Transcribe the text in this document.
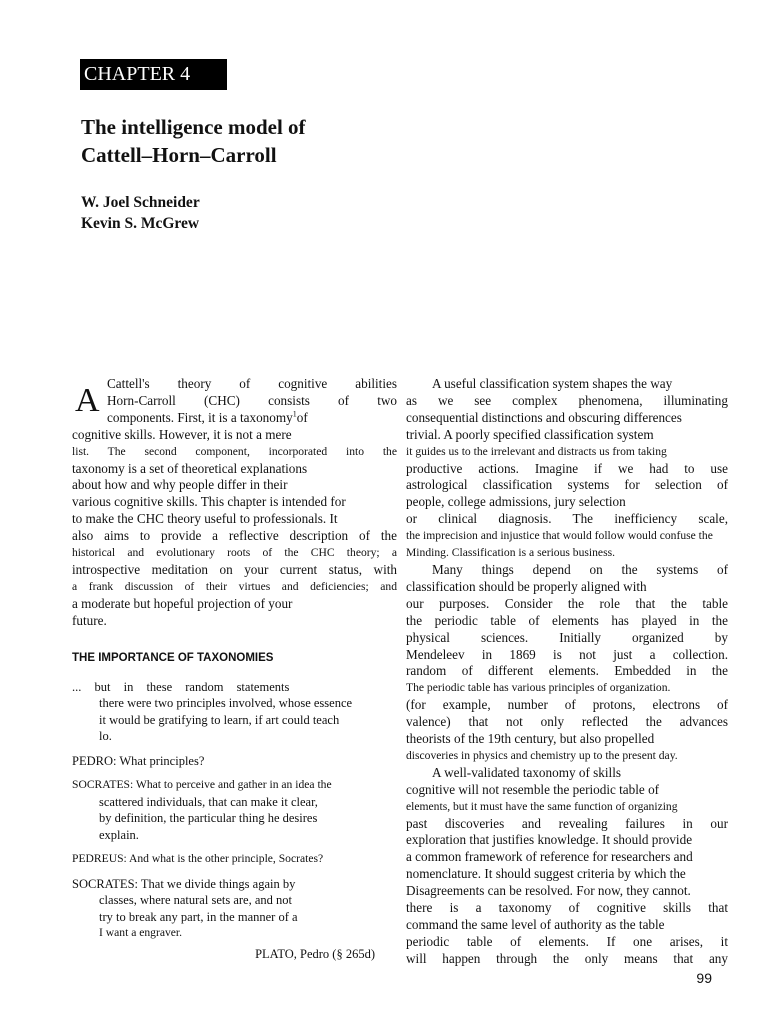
CHAPTER 4
The intelligence model of
Cattell–Horn–Carroll
W. Joel Schneider
Kevin S. McGrew
A Cattell's theory of cognitive abilities
Horn-Carroll (CHC) consists of two
components. First, it is a taxonomy$^1$of
cognitive skills. However, it is not a mere
list. The second component, incorporated into the
taxonomy is a set of theoretical explanations
about how and why people differ in their
various cognitive skills. This chapter is intended for
to make the CHC theory useful to professionals. It
also aims to provide a reflective description of the
historical and evolutionary roots of the CHC theory; a
introspective meditation on your current status, with
a frank discussion of their virtues and deficiencies; and
a moderate but hopeful projection of your
future.
THE IMPORTANCE OF TAXONOMIES
... but in these random statements
there were two principles involved, whose essence
it would be gratifying to learn, if art could teach
lo.
PEDRO: What principles?
SOCRATES: What to perceive and gather in an idea the
scattered individuals, that can make it clear,
by definition, the particular thing he desires
explain.
PEDREUS: And what is the other principle, Socrates?
SOCRATES: That we divide things again by
classes, where natural sets are, and not
try to break any part, in the manner of a
I want a engraver.
PLATO, Pedro (§ 265d)
A useful classification system shapes the way
as we see complex phenomena, illuminating
consequential distinctions and obscuring differences
trivial. A poorly specified classification system
it guides us to the irrelevant and distracts us from taking
productive actions. Imagine if we had to use
astrological classification systems for selection of
people, college admissions, jury selection
or clinical diagnosis. The inefficiency scale,
the imprecision and injustice that would follow would confuse the
Minding. Classification is a serious business.
Many things depend on the systems of
classification should be properly aligned with
our purposes. Consider the role that the table
the periodic table of elements has played in the
physical sciences. Initially organized by
Mendeleev in 1869 is not just a collection.
random of different elements. Embedded in the
The periodic table has various principles of organization.
(for example, number of protons, electrons of
valence) that not only reflected the advances
theorists of the 19th century, but also propelled
discoveries in physics and chemistry up to the present day.
A well-validated taxonomy of skills
cognitive will not resemble the periodic table of
elements, but it must have the same function of organizing
past discoveries and revealing failures in our
exploration that justifies knowledge. It should provide
a common framework of reference for researchers and
nomenclature. It should suggest criteria by which the
Disagreements can be resolved. For now, they cannot.
there is a taxonomy of cognitive skills that
command the same level of authority as the table
periodic table of elements. If one arises, it
will happen through the only means that any
99
